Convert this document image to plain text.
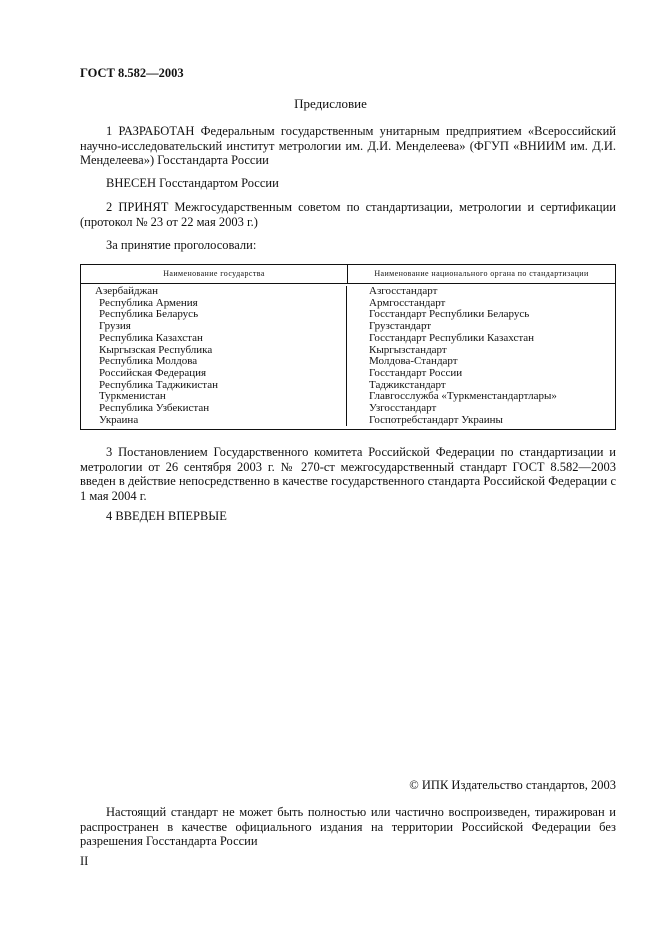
ГОСТ 8.582—2003
Предисловие
1 РАЗРАБОТАН Федеральным государственным унитарным предприятием «Всероссийский научно-исследовательский институт метрологии им. Д.И. Менделеева» (ФГУП «ВНИИМ им. Д.И. Менделеева») Госстандарта России
ВНЕСЕН Госстандартом России
2 ПРИНЯТ Межгосударственным советом по стандартизации, метрологии и сертификации (протокол № 23 от 22 мая 2003 г.)
За принятие проголосовали:
Наименование государства	Наименование национального органа по стандартизации
Азербайджан
Республика Армения
Республика Беларусь
Грузия
Республика Казахстан
Кыргызская Республика
Республика Молдова
Российская Федерация
Республика Таджикистан
Туркменистан
Республика Узбекистан
Украина
Азгосстандарт
Армгосстандарт
Госстандарт Республики Беларусь
Грузстандарт
Госстандарт Республики Казахстан
Кыргызстандарт
Молдова-Стандарт
Госстандарт России
Таджикстандарт
Главгосслужба «Туркменстандартлары»
Узгосстандарт
Госпотребстандарт Украины
3 Постановлением Государственного комитета Российской Федерации по стандартизации и метрологии от 26 сентября 2003 г. № 270-ст межгосударственный стандарт ГОСТ 8.582—2003 введен в действие непосредственно в качестве государственного стандарта Российской Федерации с 1 мая 2004 г.
4 ВВЕДЕН ВПЕРВЫЕ
© ИПК Издательство стандартов, 2003
Настоящий стандарт не может быть полностью или частично воспроизведен, тиражирован и распространен в качестве официального издания на территории Российской Федерации без разрешения Госстандарта России
II
